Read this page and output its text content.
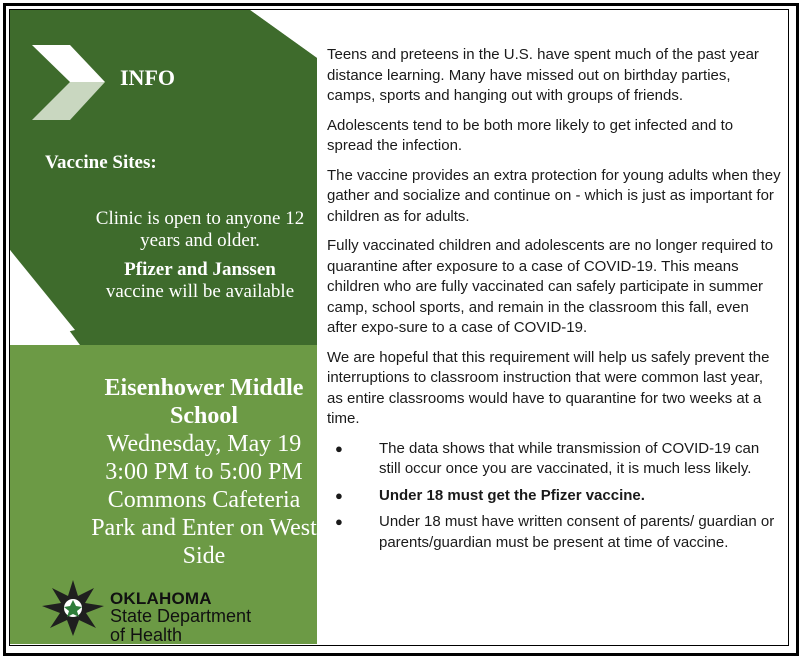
INFO
Vaccine Sites:
Clinic is open to anyone 12 years and older.
Pfizer and Janssen
vaccine will be available
Eisenhower Middle School
Wednesday, May 19
3:00 PM to 5:00 PM
Commons Cafeteria
Park and Enter on West Side
OKLAHOMA
State Department
of Health

Teens and preteens in the U.S. have spent much of the past year distance learning. Many have missed out on birthday parties, camps, sports and hanging out with groups of friends.

Adolescents tend to be both more likely to get infected and to spread the infection.

The vaccine provides an extra protection for young adults when they gather and socialize and continue on - which is just as important for children as for adults.

Fully vaccinated children and adolescents are no longer required to quarantine after exposure to a case of COVID-19. This means children who are fully vaccinated can safely participate in summer camp, school sports, and remain in the classroom this fall, even after expo-sure to a case of COVID-19.

We are hopeful that this requirement will help us safely prevent the interruptions to classroom instruction that were common last year, as entire classrooms would have to quarantine for two weeks at a time.

● The data shows that while transmission of COVID-19 can still occur once you are vaccinated, it is much less likely.
● Under 18 must get the Pfizer vaccine.
● Under 18 must have written consent of parents/ guardian or parents/guardian must be present at time of vaccine.
